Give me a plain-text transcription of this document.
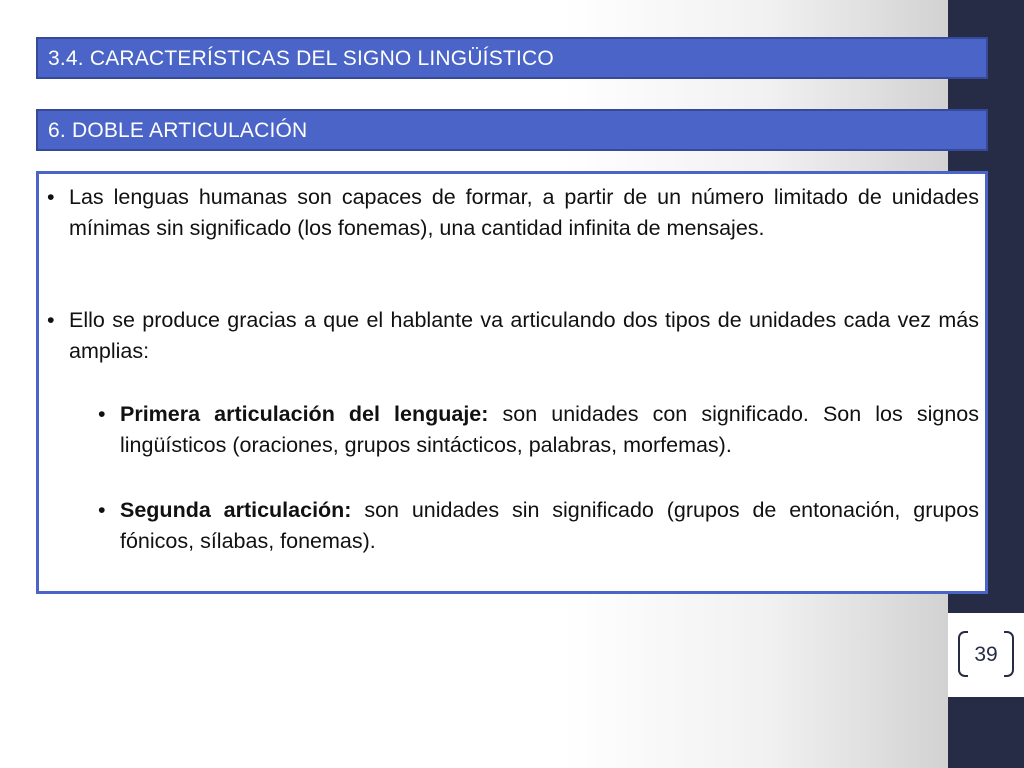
39
3.4. CARACTERÍSTICAS DEL SIGNO LINGÜÍSTICO
6. DOBLE ARTICULACIÓN
• Las lenguas humanas son capaces de formar, a partir de un número limitado de unidades mínimas sin significado (los fonemas), una cantidad infinita de mensajes.

• Ello se produce gracias a que el hablante va articulando dos tipos de unidades cada vez más amplias:

• Primera articulación del lenguaje: son unidades con significado. Son los signos lingüísticos (oraciones, grupos sintácticos, palabras, morfemas).

• Segunda articulación: son unidades sin significado (grupos de entonación, grupos fónicos, sílabas, fonemas).
